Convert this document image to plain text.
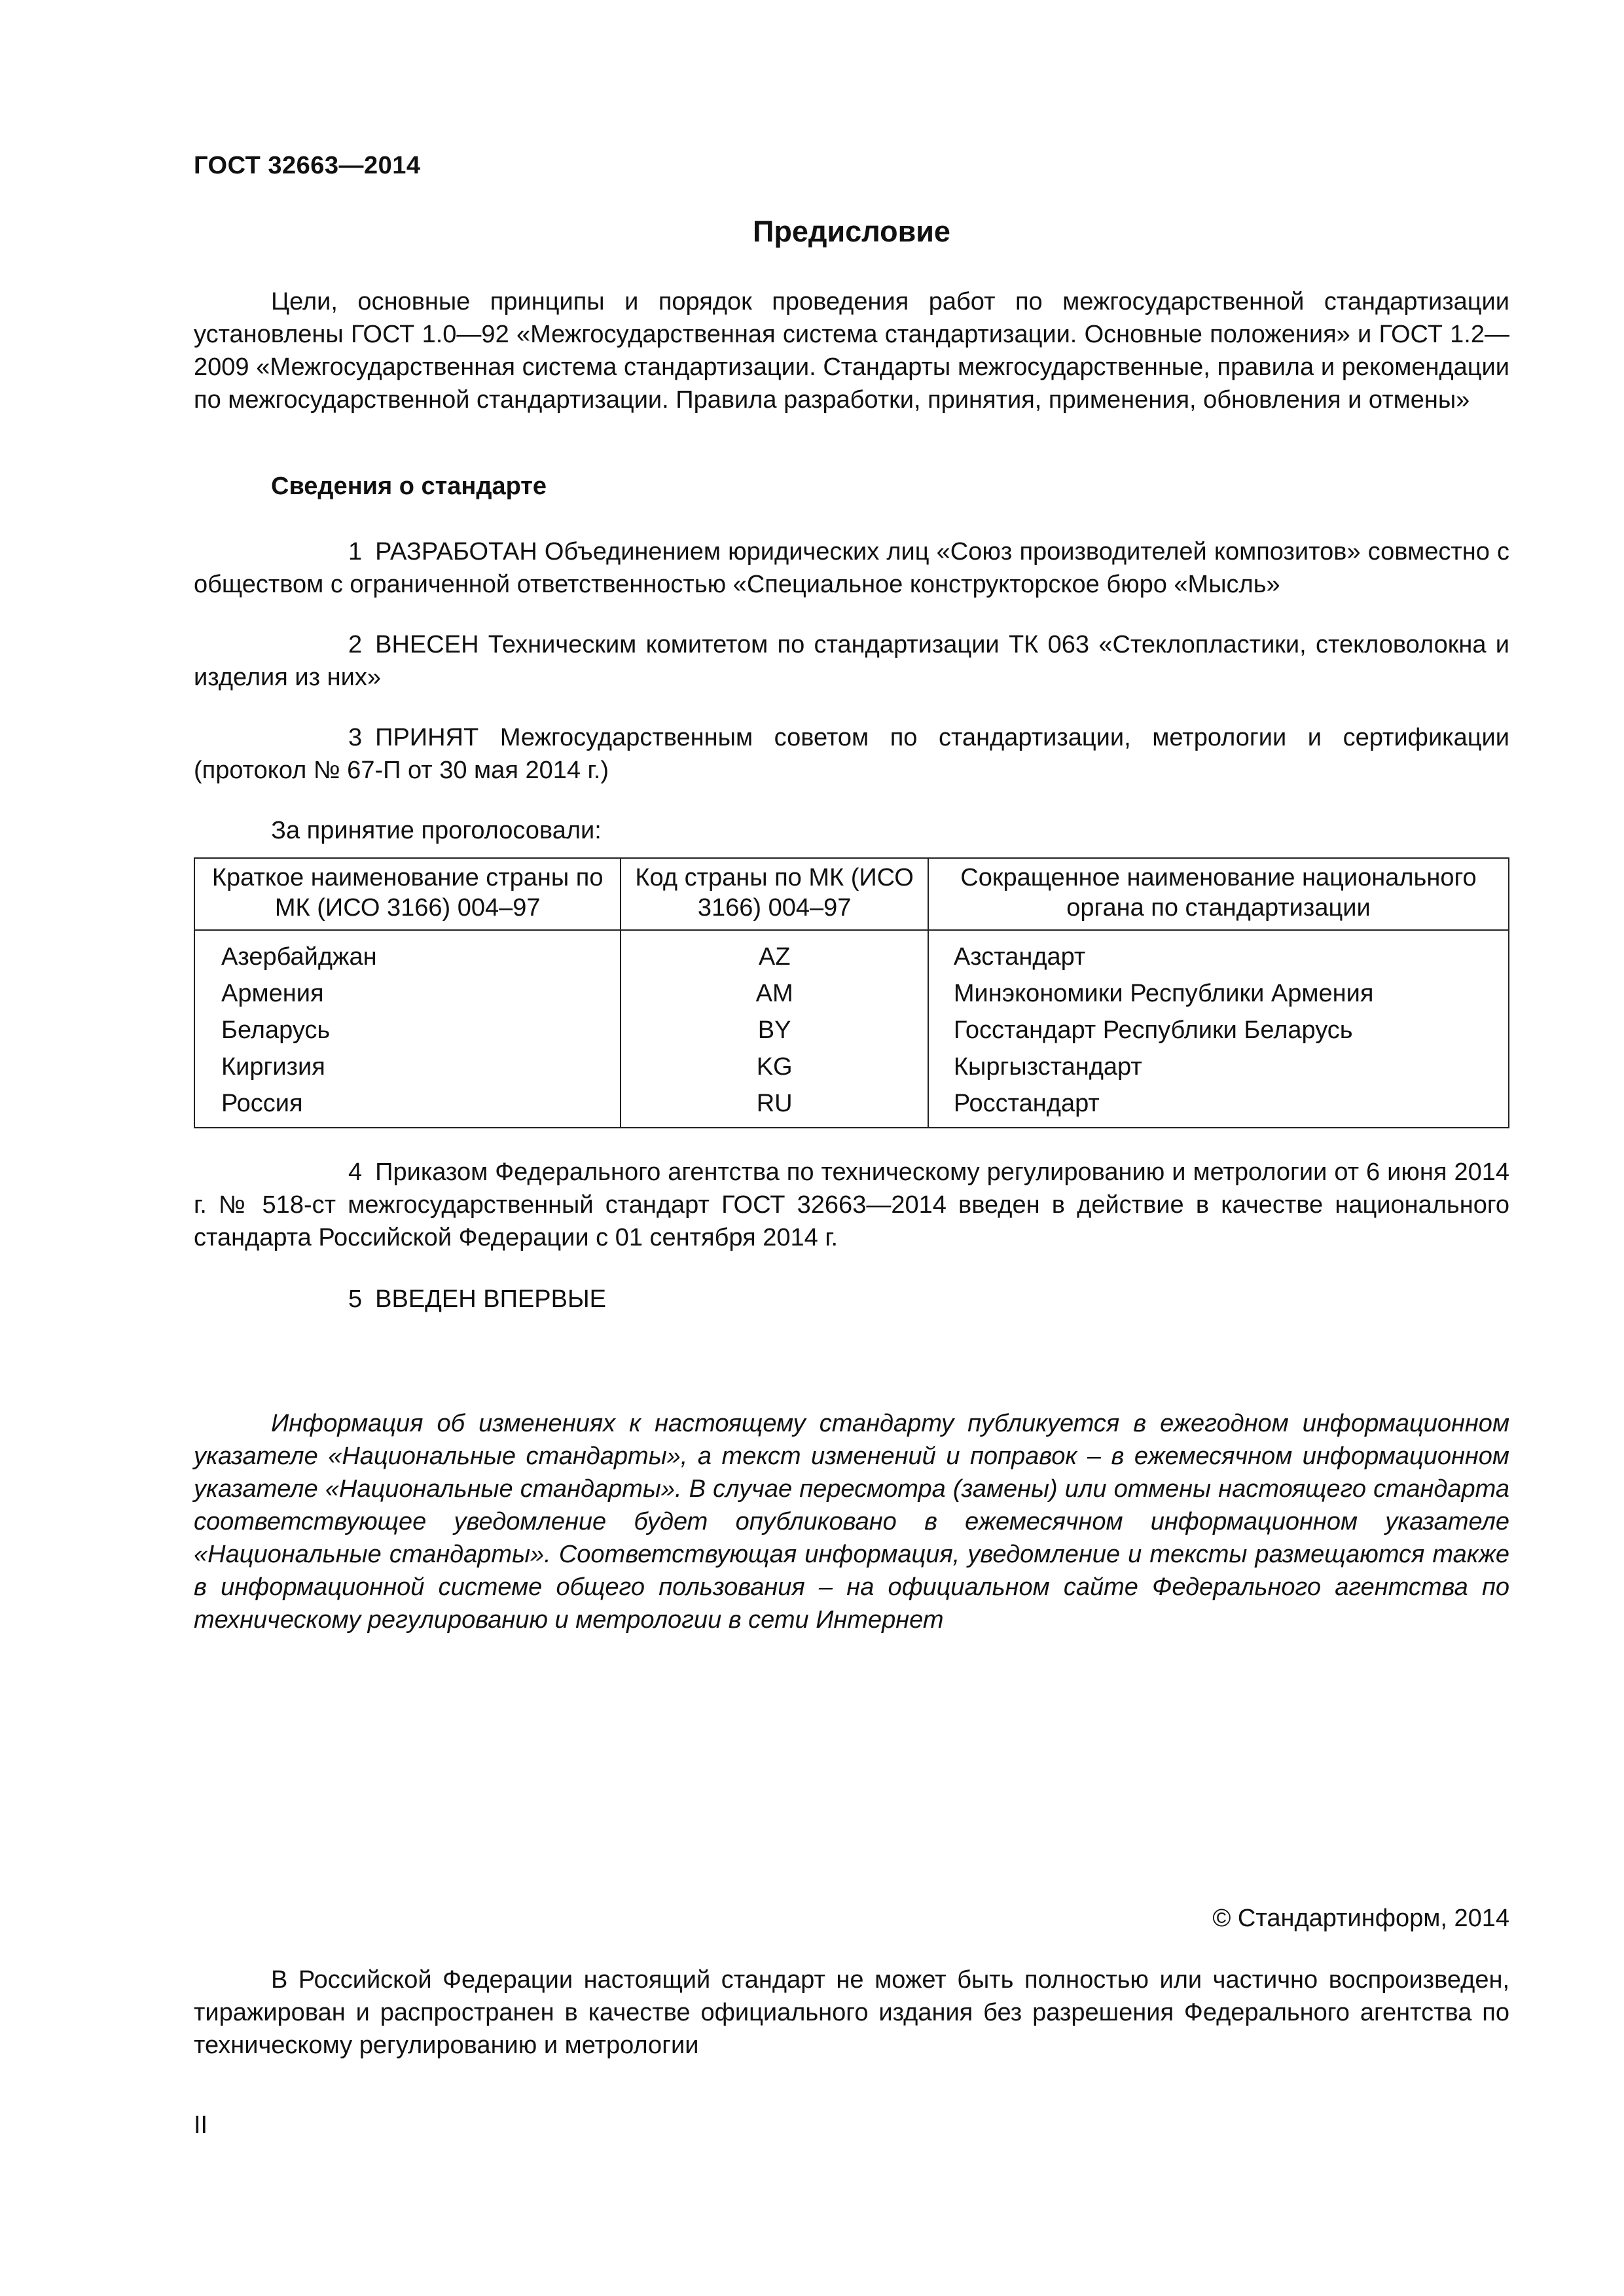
ГОСТ 32663—2014
Предисловие
Цели, основные принципы и порядок проведения работ по межгосударственной стандартизации установлены ГОСТ 1.0—92 «Межгосударственная система стандартизации. Основные положения» и ГОСТ 1.2—2009 «Межгосударственная система стандартизации. Стандарты межгосударственные, правила и рекомендации по межгосударственной стандартизации. Правила разработки, принятия, применения, обновления и отмены»
Сведения о стандарте
1 РАЗРАБОТАН Объединением юридических лиц «Союз производителей композитов» совместно с обществом с ограниченной ответственностью «Специальное конструкторское бюро «Мысль»
2 ВНЕСЕН Техническим комитетом по стандартизации ТК 063 «Стеклопластики, стекловолокна и изделия из них»
3 ПРИНЯТ Межгосударственным советом по стандартизации, метрологии и сертификации (протокол № 67-П от 30 мая 2014 г.)
За принятие проголосовали:
Краткое наименование страны по МК (ИСО 3166) 004–97	Код страны по МК (ИСО 3166) 004–97	Сокращенное наименование национального органа по стандартизации
Азербайджан	AZ	Азстандарт
Армения	AM	Минэкономики Республики Армения
Беларусь	BY	Госстандарт Республики Беларусь
Киргизия	KG	Кыргызстандарт
Россия	RU	Росстандарт
4 Приказом Федерального агентства по техническому регулированию и метрологии от 6 июня 2014 г. № 518-ст межгосударственный стандарт ГОСТ 32663—2014 введен в действие в качестве национального стандарта Российской Федерации с 01 сентября 2014 г.
5 ВВЕДЕН ВПЕРВЫЕ
Информация об изменениях к настоящему стандарту публикуется в ежегодном информационном указателе «Национальные стандарты», а текст изменений и поправок – в ежемесячном информационном указателе «Национальные стандарты». В случае пересмотра (замены) или отмены настоящего стандарта соответствующее уведомление будет опубликовано в ежемесячном информационном указателе «Национальные стандарты». Соответствующая информация, уведомление и тексты размещаются также в информационной системе общего пользования – на официальном сайте Федерального агентства по техническому регулированию и метрологии в сети Интернет
© Стандартинформ, 2014
В Российской Федерации настоящий стандарт не может быть полностью или частично воспроизведен, тиражирован и распространен в качестве официального издания без разрешения Федерального агентства по техническому регулированию и метрологии
II
